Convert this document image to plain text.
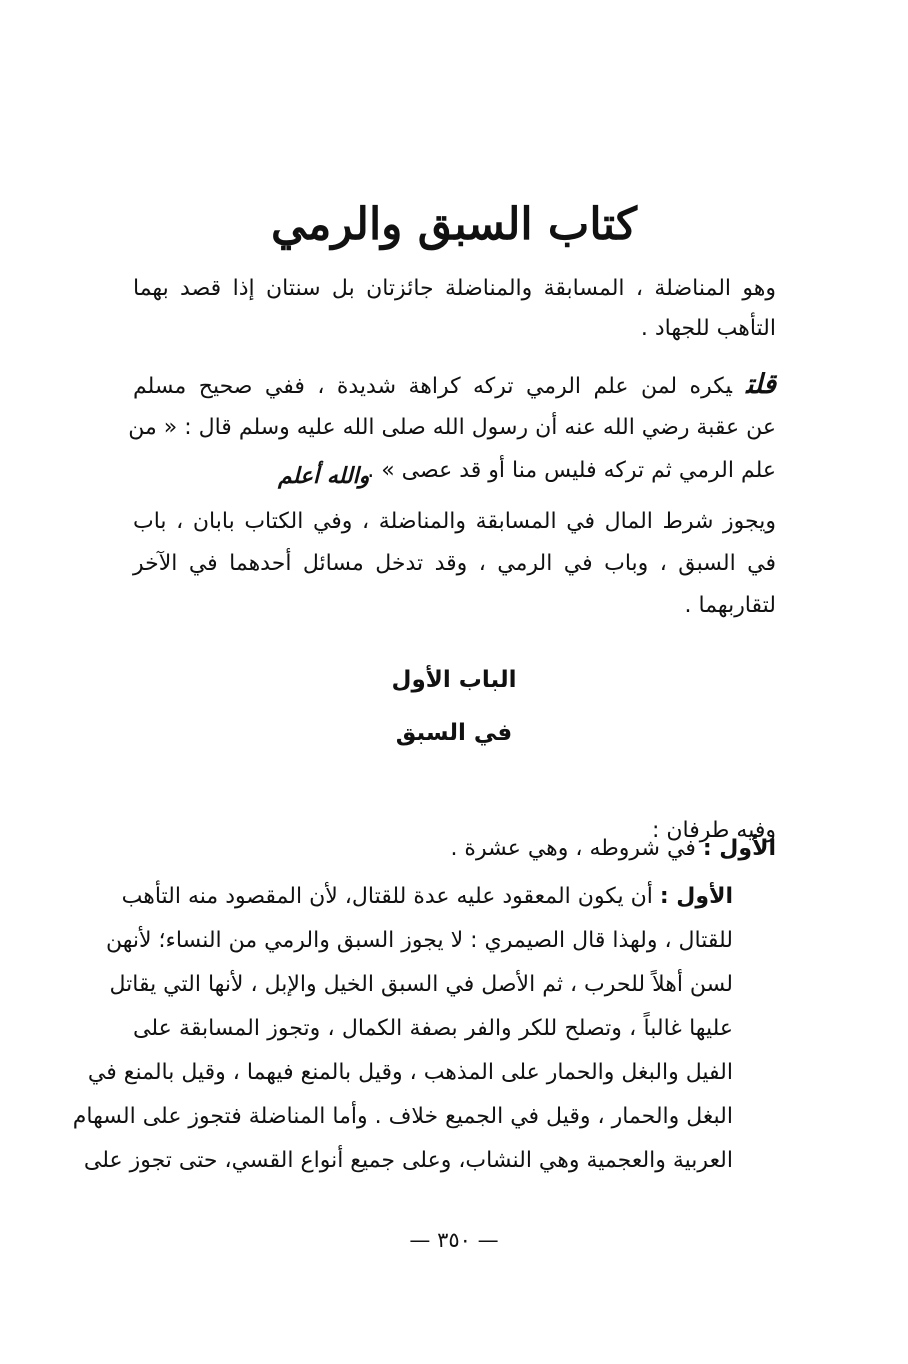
كتاب السبق والرمي
وهو المناضلة ، المسابقة والمناضلة جائزتان بل سنتان إذا قصد بهما
التأهب للجهاد .
قلتيكره لمن علم الرمي تركه كراهة شديدة ، ففي صحيح مسلم
عن عقبة رضي الله عنه أن رسول الله صلى الله عليه وسلم قال : « من
علم الرمي ثم تركه فليس منا أو قد عصى » .
والله أعلم
ويجوز شرط المال في المسابقة والمناضلة ، وفي الكتاب بابان ، باب
في السبق ، وباب في الرمي ، وقد تدخل مسائل أحدهما في الآخر
لتقاربهما .
الباب الأول
في السبق
وفيه طرفان :
الأول : في شروطه ، وهي عشرة .
الأول : أن يكون المعقود عليه عدة للقتال، لأن المقصود منه التأهب
للقتال ، ولهذا قال الصيمري : لا يجوز السبق والرمي من النساء؛ لأنهن
لسن أهلاً للحرب ، ثم الأصل في السبق الخيل والإبل ، لأنها التي يقاتل
عليها غالباً ، وتصلح للكر والفر بصفة الكمال ، وتجوز المسابقة على
الفيل والبغل والحمار على المذهب ، وقيل بالمنع فيهما ، وقيل بالمنع في
البغل والحمار ، وقيل في الجميع خلاف . وأما المناضلة فتجوز على السهام
العربية والعجمية وهي النشاب، وعلى جميع أنواع القسي، حتى تجوز على
— ٣٥٠ —
